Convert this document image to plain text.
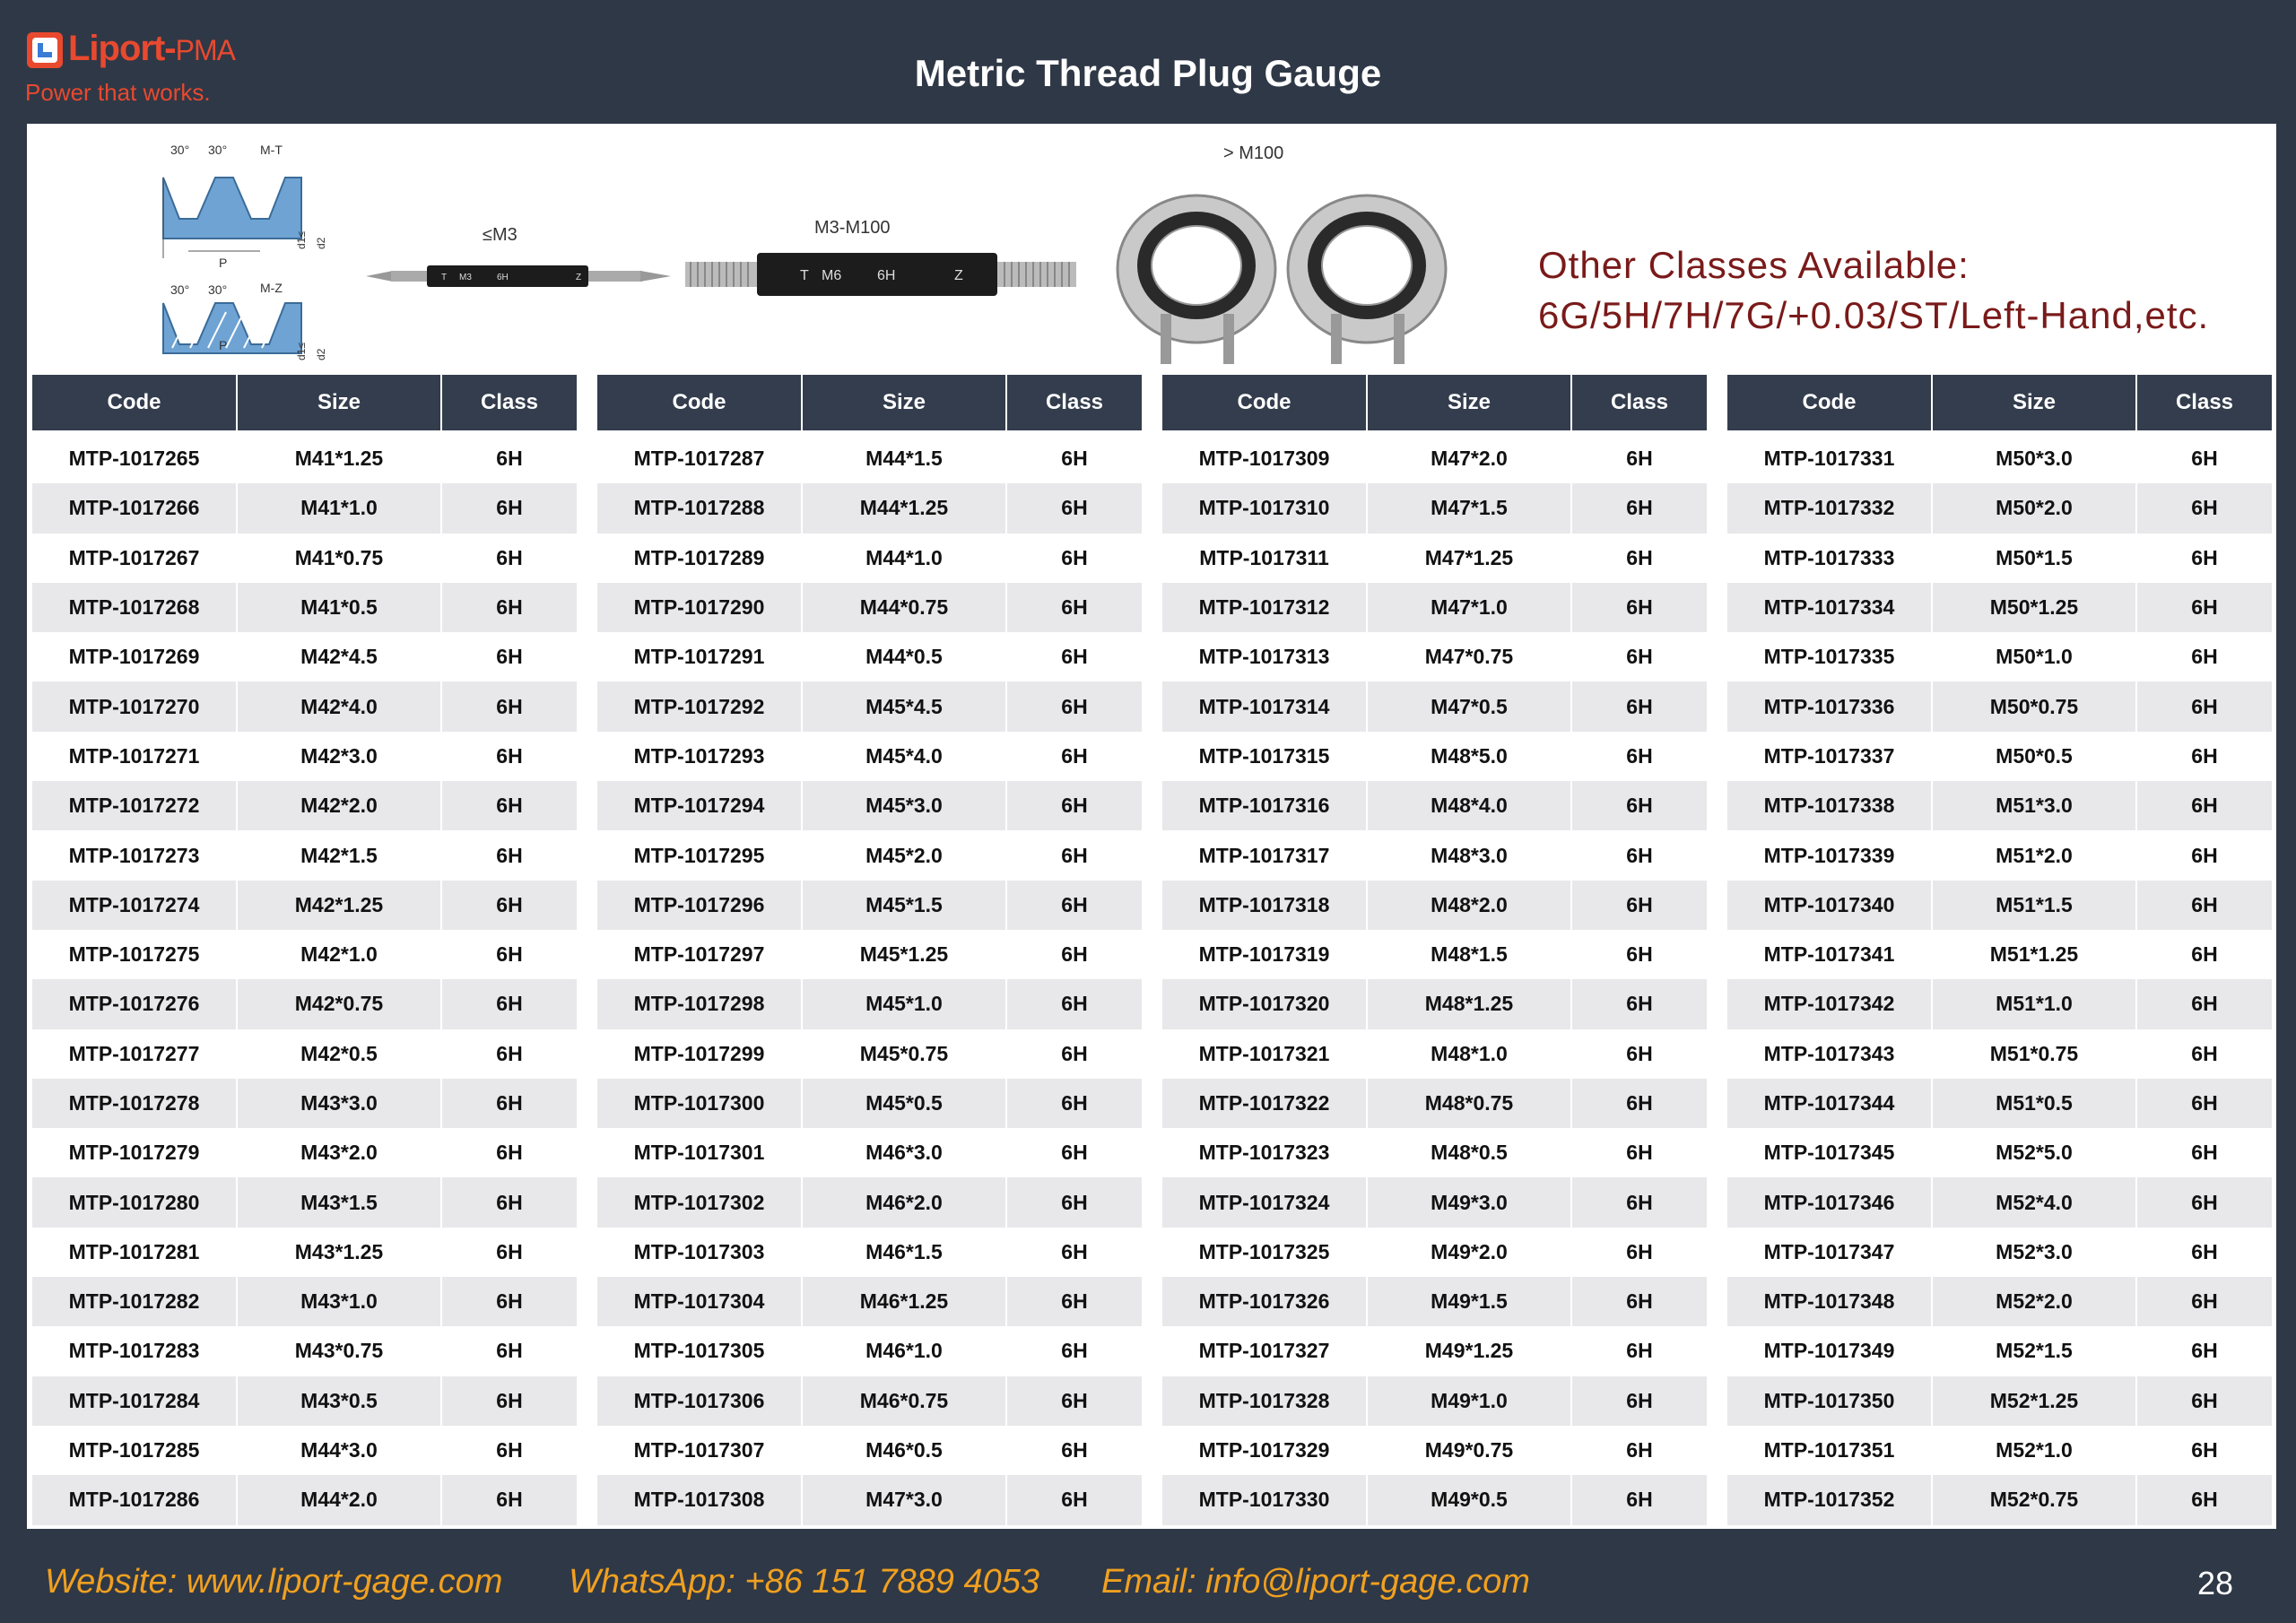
Liport-PMA
Power that works.	Metric Thread Plug Gauge
30° 30°	M-T
P
d1≤ d2
30° 30°	M-Z
P	d1≤ d2
≤M3
T M3	6H	Z
M3-M100
T M6 6H	Z
> M100
Other Classes Available:
6G/5H/7H/7G/+0.03/ST/Left-Hand,etc.
Code	Size	Class
MTP-1017265	M41*1.25	6H
MTP-1017266	M41*1.0	6H
MTP-1017267	M41*0.75	6H
MTP-1017268	M41*0.5	6H
MTP-1017269	M42*4.5	6H
MTP-1017270	M42*4.0	6H
MTP-1017271	M42*3.0	6H
MTP-1017272	M42*2.0	6H
MTP-1017273	M42*1.5	6H
MTP-1017274	M42*1.25	6H
MTP-1017275	M42*1.0	6H
MTP-1017276	M42*0.75	6H
MTP-1017277	M42*0.5	6H
MTP-1017278	M43*3.0	6H
MTP-1017279	M43*2.0	6H
MTP-1017280	M43*1.5	6H
MTP-1017281	M43*1.25	6H
MTP-1017282	M43*1.0	6H
MTP-1017283	M43*0.75	6H
MTP-1017284	M43*0.5	6H
MTP-1017285	M44*3.0	6H
MTP-1017286	M44*2.0	6H
Code	Size	Class
MTP-1017287	M44*1.5	6H
MTP-1017288	M44*1.25	6H
MTP-1017289	M44*1.0	6H
MTP-1017290	M44*0.75	6H
MTP-1017291	M44*0.5	6H
MTP-1017292	M45*4.5	6H
MTP-1017293	M45*4.0	6H
MTP-1017294	M45*3.0	6H
MTP-1017295	M45*2.0	6H
MTP-1017296	M45*1.5	6H
MTP-1017297	M45*1.25	6H
MTP-1017298	M45*1.0	6H
MTP-1017299	M45*0.75	6H
MTP-1017300	M45*0.5	6H
MTP-1017301	M46*3.0	6H
MTP-1017302	M46*2.0	6H
MTP-1017303	M46*1.5	6H
MTP-1017304	M46*1.25	6H
MTP-1017305	M46*1.0	6H
MTP-1017306	M46*0.75	6H
MTP-1017307	M46*0.5	6H
MTP-1017308	M47*3.0	6H
Code	Size	Class
MTP-1017309	M47*2.0	6H
MTP-1017310	M47*1.5	6H
MTP-1017311	M47*1.25	6H
MTP-1017312	M47*1.0	6H
MTP-1017313	M47*0.75	6H
MTP-1017314	M47*0.5	6H
MTP-1017315	M48*5.0	6H
MTP-1017316	M48*4.0	6H
MTP-1017317	M48*3.0	6H
MTP-1017318	M48*2.0	6H
MTP-1017319	M48*1.5	6H
MTP-1017320	M48*1.25	6H
MTP-1017321	M48*1.0	6H
MTP-1017322	M48*0.75	6H
MTP-1017323	M48*0.5	6H
MTP-1017324	M49*3.0	6H
MTP-1017325	M49*2.0	6H
MTP-1017326	M49*1.5	6H
MTP-1017327	M49*1.25	6H
MTP-1017328	M49*1.0	6H
MTP-1017329	M49*0.75	6H
MTP-1017330	M49*0.5	6H
Code	Size	Class
MTP-1017331	M50*3.0	6H
MTP-1017332	M50*2.0	6H
MTP-1017333	M50*1.5	6H
MTP-1017334	M50*1.25	6H
MTP-1017335	M50*1.0	6H
MTP-1017336	M50*0.75	6H
MTP-1017337	M50*0.5	6H
MTP-1017338	M51*3.0	6H
MTP-1017339	M51*2.0	6H
MTP-1017340	M51*1.5	6H
MTP-1017341	M51*1.25	6H
MTP-1017342	M51*1.0	6H
MTP-1017343	M51*0.75	6H
MTP-1017344	M51*0.5	6H
MTP-1017345	M52*5.0	6H
MTP-1017346	M52*4.0	6H
MTP-1017347	M52*3.0	6H
MTP-1017348	M52*2.0	6H
MTP-1017349	M52*1.5	6H
MTP-1017350	M52*1.25	6H
MTP-1017351	M52*1.0	6H
MTP-1017352	M52*0.75	6H
Website: www.liport-gage.com WhatsApp: +86 151 7889 4053 Email: info@liport-gage.com	28
